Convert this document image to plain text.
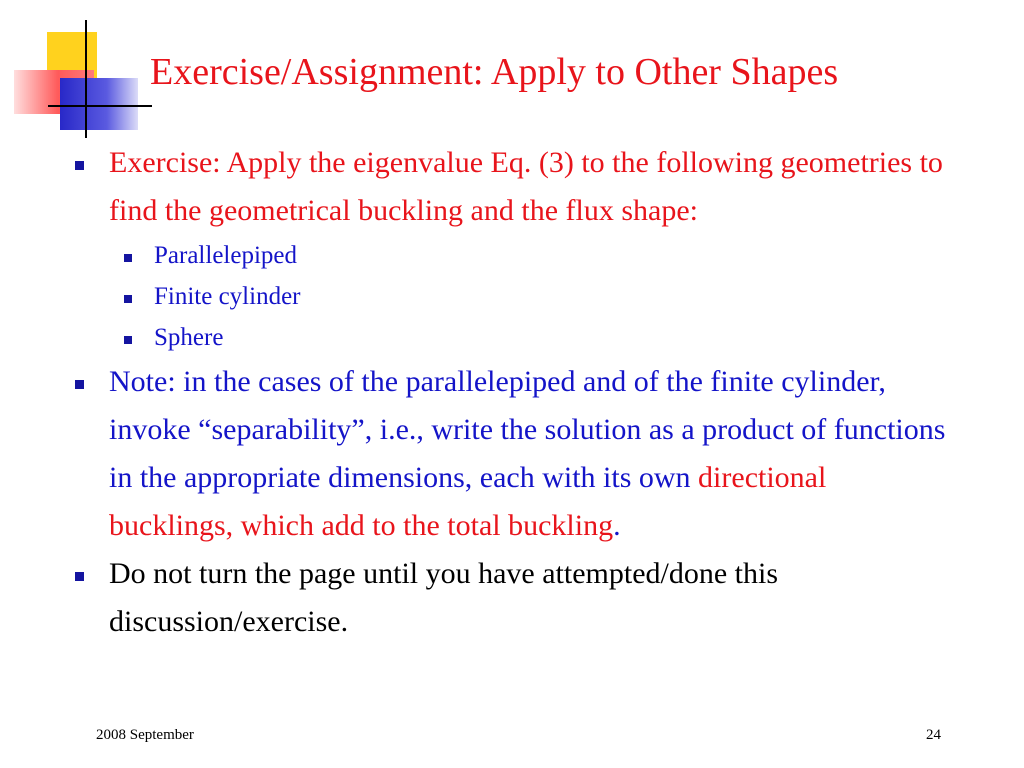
Exercise/Assignment: Apply to Other Shapes
Exercise: Apply the eigenvalue Eq. (3) to the following geometries to find the geometrical buckling and the flux shape:
Parallelepiped
Finite cylinder
Sphere
Note: in the cases of the parallelepiped and of the finite cylinder, invoke “separability”, i.e., write the solution as a product of functions in the appropriate dimensions, each with its own directional bucklings, which add to the total buckling.
Do not turn the page until you have attempted/done this discussion/exercise.
2008 September	24
